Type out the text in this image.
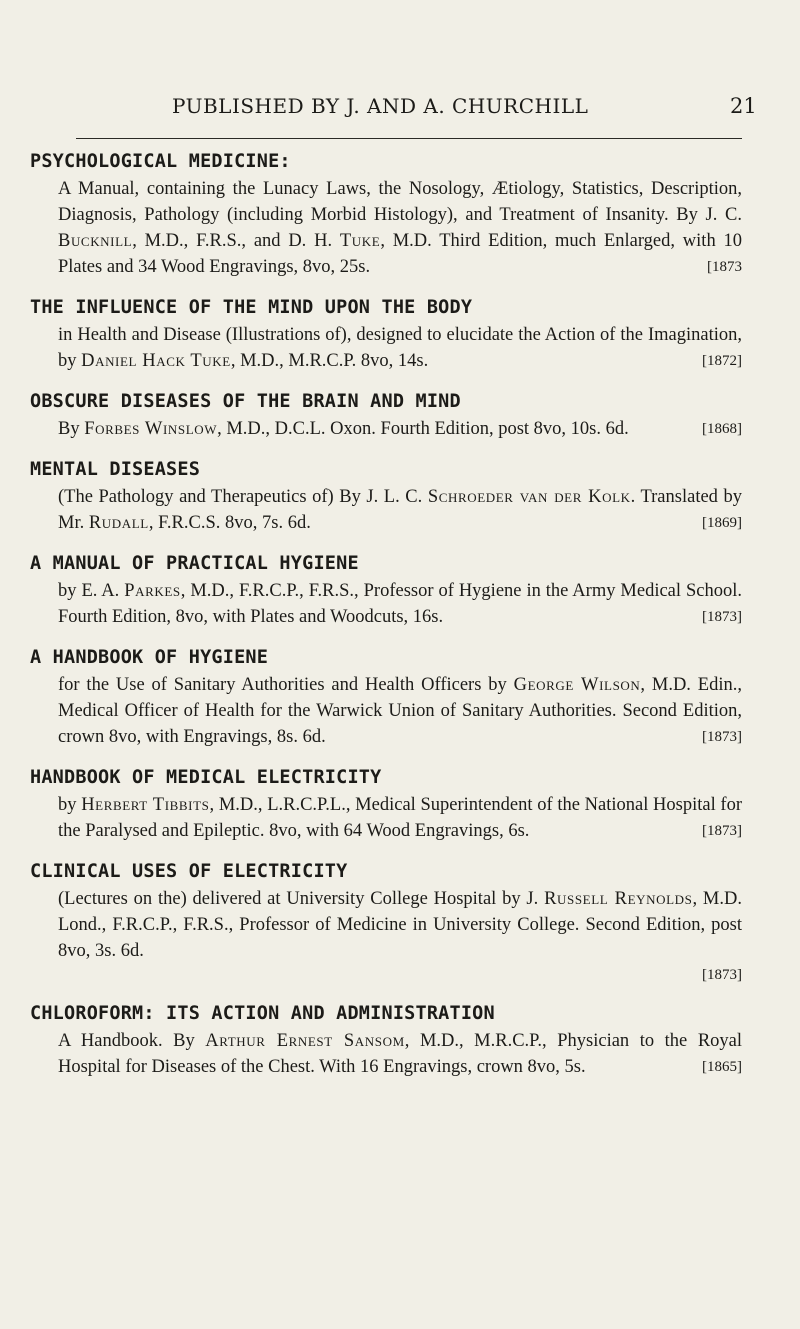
PUBLISHED BY J. AND A. CHURCHILL	21
PSYCHOLOGICAL MEDICINE:
A Manual, containing the Lunacy Laws, the Nosology, Ætiology, Statistics, Description, Diagnosis, Pathology (including Morbid Histology), and Treatment of Insanity. By J. C. Bucknill, M.D., F.R.S., and D. H. Tuke, M.D. Third Edition, much Enlarged, with 10 Plates and 34 Wood Engravings, 8vo, 25s.	[1873
THE INFLUENCE OF THE MIND UPON THE BODY
in Health and Disease (Illustrations of), designed to elucidate the Action of the Imagination, by Daniel Hack Tuke, M.D., M.R.C.P. 8vo, 14s.	[1872]
OBSCURE DISEASES OF THE BRAIN AND MIND
By Forbes Winslow, M.D., D.C.L. Oxon. Fourth Edition, post 8vo, 10s. 6d.	[1868]
MENTAL DISEASES
(The Pathology and Therapeutics of) By J. L. C. Schroeder van der Kolk. Translated by Mr. Rudall, F.R.C.S. 8vo, 7s. 6d.	[1869]
A MANUAL OF PRACTICAL HYGIENE
by E. A. Parkes, M.D., F.R.C.P., F.R.S., Professor of Hygiene in the Army Medical School. Fourth Edition, 8vo, with Plates and Woodcuts, 16s.	[1873]
A HANDBOOK OF HYGIENE
for the Use of Sanitary Authorities and Health Officers by George Wilson, M.D. Edin., Medical Officer of Health for the Warwick Union of Sanitary Authorities. Second Edition, crown 8vo, with Engravings, 8s. 6d.	[1873]
HANDBOOK OF MEDICAL ELECTRICITY
by Herbert Tibbits, M.D., L.R.C.P.L., Medical Superintendent of the National Hospital for the Paralysed and Epileptic. 8vo, with 64 Wood Engravings, 6s.	[1873]
CLINICAL USES OF ELECTRICITY
(Lectures on the) delivered at University College Hospital by J. Russell Reynolds, M.D. Lond., F.R.C.P., F.R.S., Professor of Medicine in University College. Second Edition, post 8vo, 3s. 6d.
[1873]
CHLOROFORM: ITS ACTION AND ADMINISTRATION
A Handbook. By Arthur Ernest Sansom, M.D., M.R.C.P., Physician to the Royal Hospital for Diseases of the Chest. With 16 Engravings, crown 8vo, 5s.	[1865]
